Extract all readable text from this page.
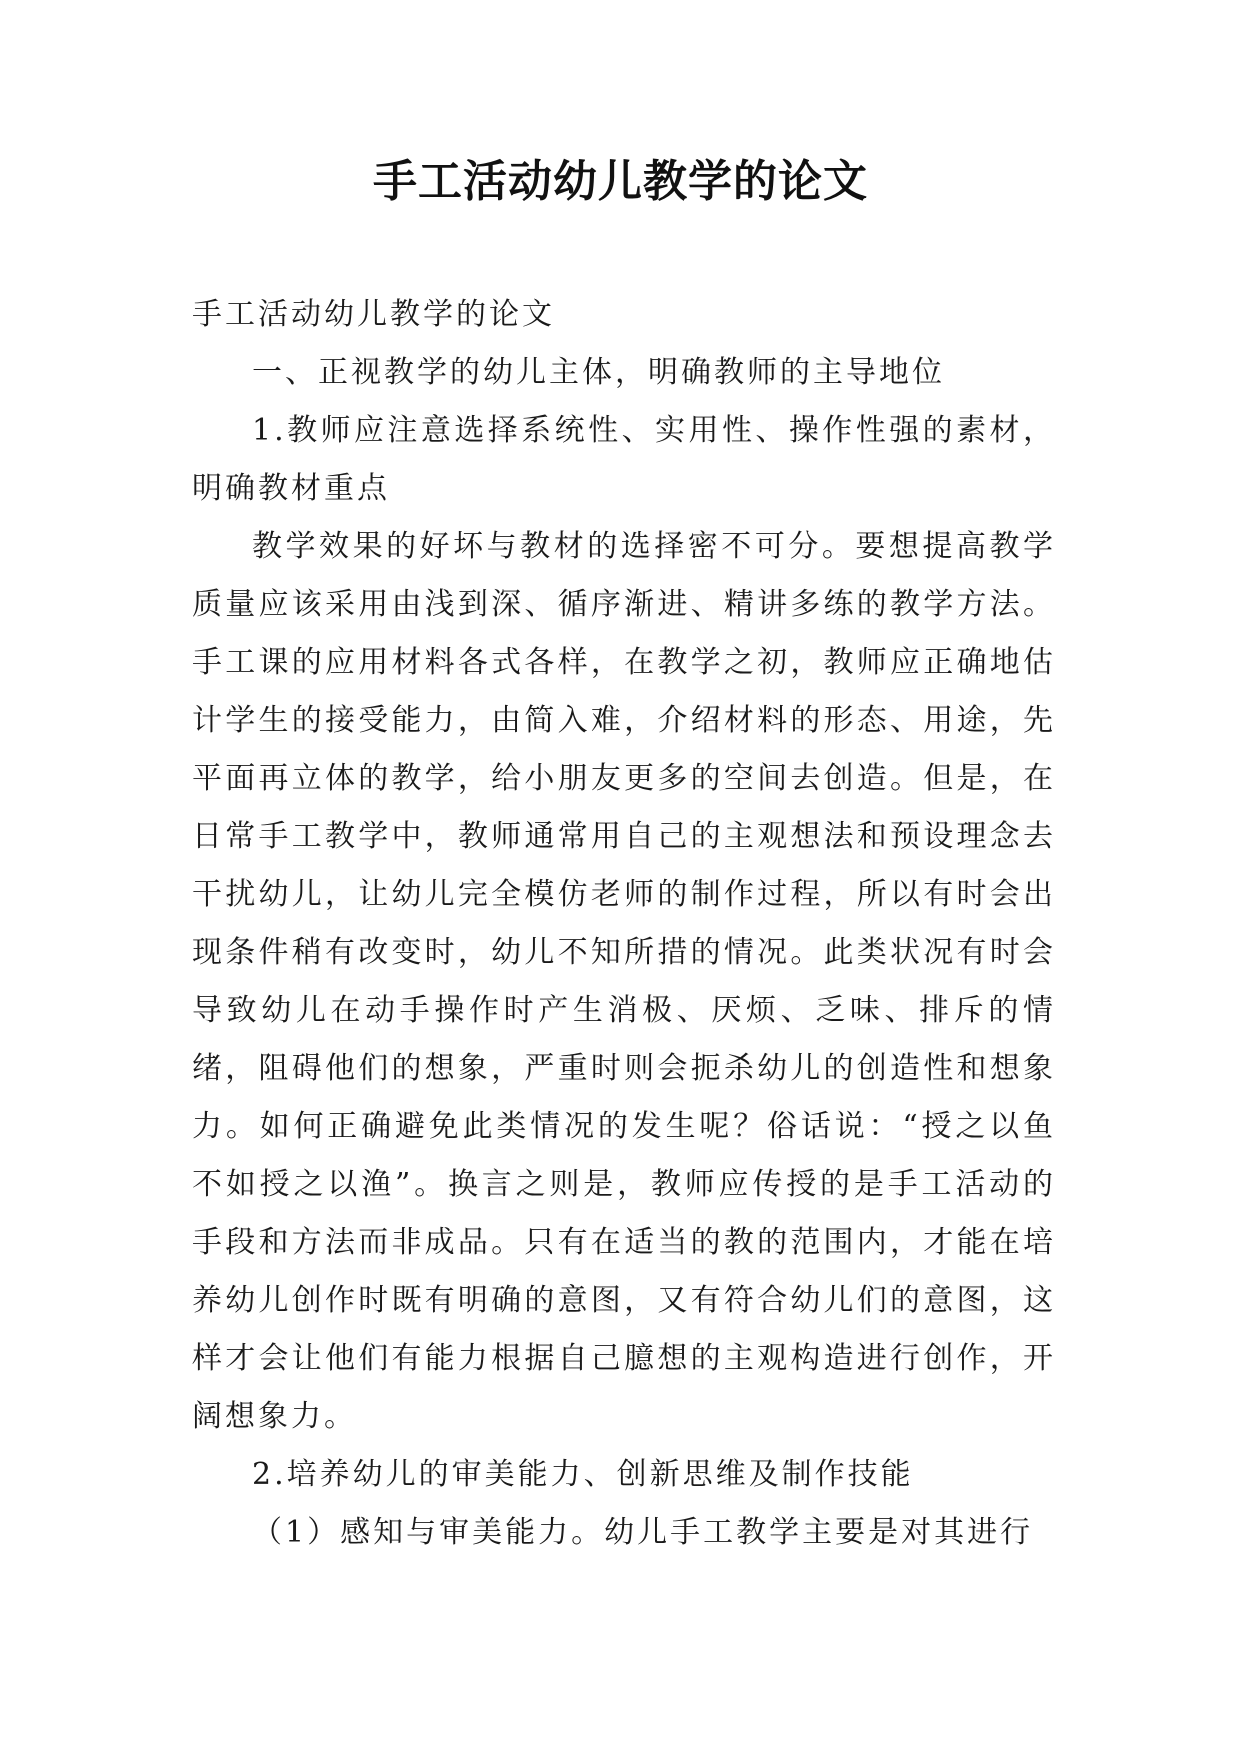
手工活动幼儿教学的论文

手工活动幼儿教学的论文

一、正视教学的幼儿主体，明确教师的主导地位

1.教师应注意选择系统性、实用性、操作性强的素材，明确教材重点

教学效果的好坏与教材的选择密不可分。要想提高教学质量应该采用由浅到深、循序渐进、精讲多练的教学方法。手工课的应用材料各式各样，在教学之初，教师应正确地估计学生的接受能力，由简入难，介绍材料的形态、用途，先平面再立体的教学，给小朋友更多的空间去创造。但是，在日常手工教学中，教师通常用自己的主观想法和预设理念去干扰幼儿，让幼儿完全模仿老师的制作过程，所以有时会出现条件稍有改变时，幼儿不知所措的情况。此类状况有时会导致幼儿在动手操作时产生消极、厌烦、乏味、排斥的情绪，阻碍他们的想象，严重时则会扼杀幼儿的创造性和想象力。如何正确避免此类情况的发生呢？俗话说：“授之以鱼不如授之以渔”。换言之则是，教师应传授的是手工活动的手段和方法而非成品。只有在适当的教的范围内，才能在培养幼儿创作时既有明确的意图，又有符合幼儿们的意图，这样才会让他们有能力根据自己臆想的主观构造进行创作，开阔想象力。

2.培养幼儿的审美能力、创新思维及制作技能

（1）感知与审美能力。幼儿手工教学主要是对其进行
